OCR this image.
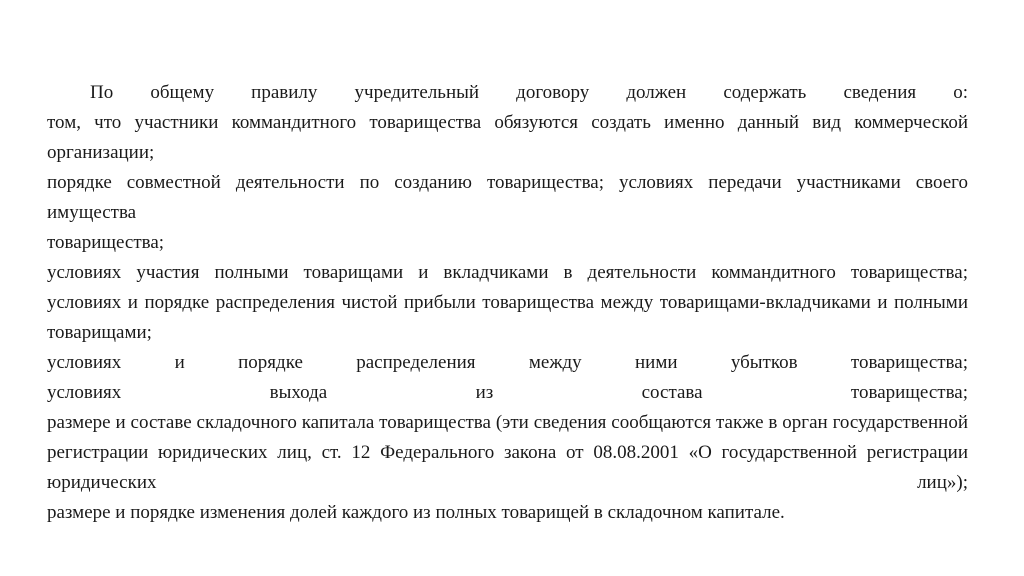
По общему правилу учредительный договору должен содержать сведения о:
том, что участники коммандитного товарищества обязуются создать именно данный вид коммерческой организации;
порядке совместной деятельности по созданию товарищества; условиях передачи участниками своего имущества
товарищества;
условиях участия полными товарищами и вкладчиками в деятельности коммандитного товарищества;
условиях и порядке распределения чистой прибыли товарищества между товарищами-вкладчиками и полными
товарищами;
условиях и порядке распределения между ними убытков товарищества;
условиях выхода из состава товарищества;
размере и составе складочного капитала товарищества (эти сведения сообщаются также в орган государственной
регистрации юридических лиц, ст. 12 Федерального закона от 08.08.2001 «О государственной регистрации
юридических лиц»);
размере и порядке изменения долей каждого из полных товарищей в складочном капитале.
